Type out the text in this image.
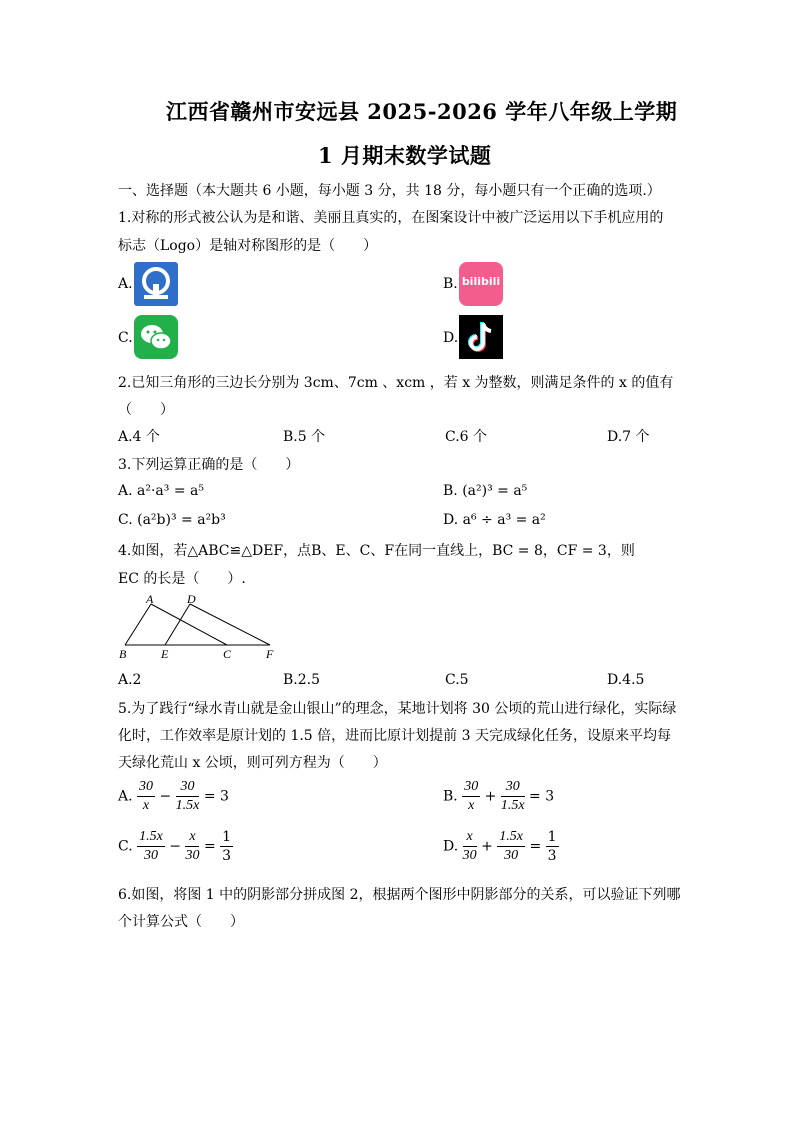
江西省赣州市安远县 2025-2026 学年八年级上学期
1 月期末数学试题
一、选择题（本大题共 6 小题，每小题 3 分，共 18 分，每小题只有一个正确的选项.）
1.对称的形式被公认为是和谐、美丽且真实的，在图案设计中被广泛运用以下手机应用的
标志（Logo）是轴对称图形的是（　　）
A.	B. bilibili
C.	D.
2.已知三角形的三边长分别为 3cm、7cm 、xcm ，若 x 为整数，则满足条件的 x 的值有
（　　）
A.4 个	B.5 个	C.6 个	D.7 个
3.下列运算正确的是（　　）
A. a²·a³ = a⁵	B. (a²)³ = a⁵
C. (a²b)³ = a²b³	D. a⁶ ÷ a³ = a²
4.如图，若△ABC≌△DEF，点B、E、C、F在同一直线上，BC = 8，CF = 3，则
EC 的长是（　　）.
A	D
B	E	C	F
A.2	B.2.5	C.5	D.4.5
5.为了践行“绿水青山就是金山银山”的理念，某地计划将 30 公顷的荒山进行绿化，实际绿
化时，工作效率是原计划的 1.5 倍，进而比原计划提前 3 天完成绿化任务，设原来平均每
天绿化荒山 x 公顷，则可列方程为（　　）
A. $\frac{30}{x} - \frac{30}{1.5x} = 3$	B. $\frac{30}{x} + \frac{30}{1.5x} = 3$
C. $\frac{1.5x}{30} - \frac{x}{30} = \frac{1}{3}$	D. $\frac{x}{30} + \frac{1.5x}{30} = \frac{1}{3}$
6.如图，将图 1 中的阴影部分拼成图 2，根据两个图形中阴影部分的关系，可以验证下列哪
个计算公式（　　）
